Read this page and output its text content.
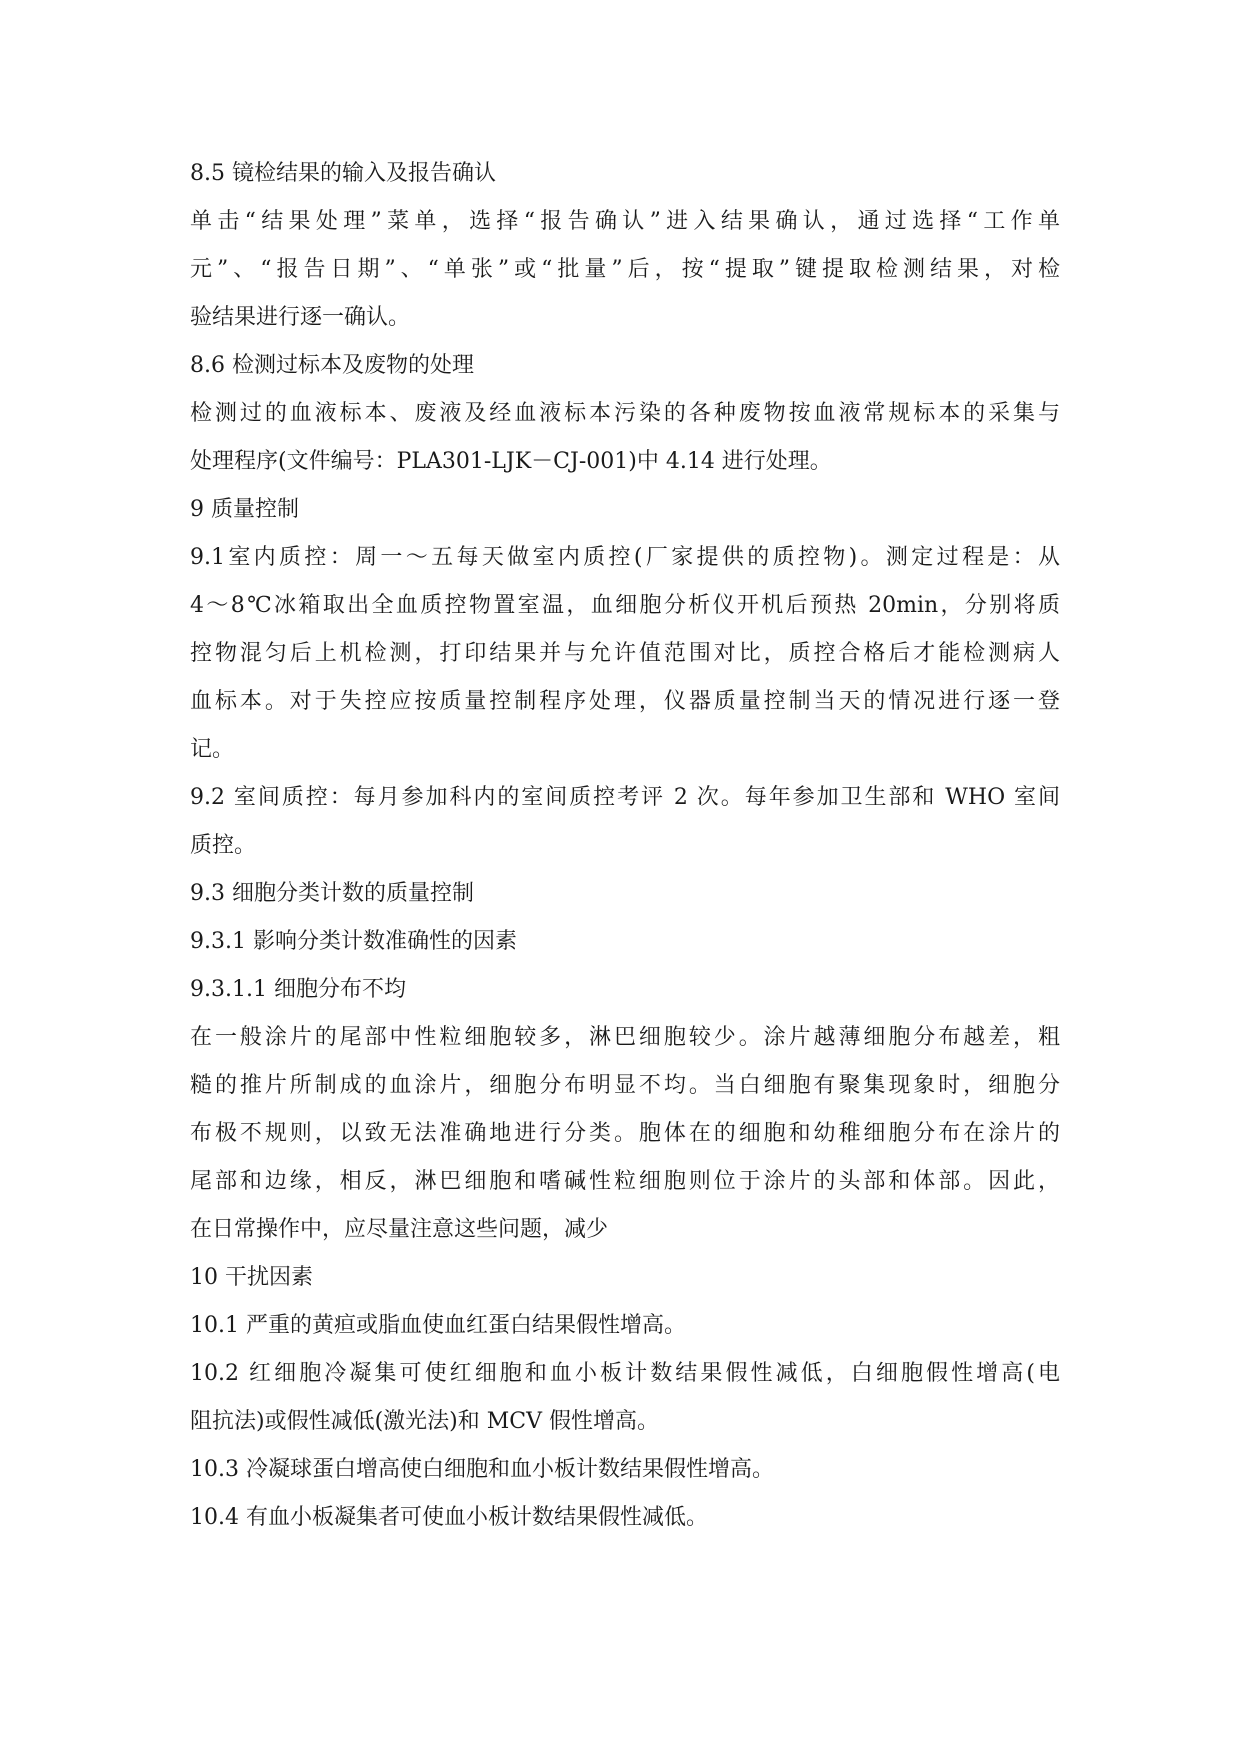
8.5 镜检结果的输入及报告确认
单击“结果处理”菜单，选择“报告确认”进入结果确认，通过选择“工作单
元”、“报告日期”、“单张”或“批量”后，按“提取”键提取检测结果，对检
验结果进行逐一确认。
8.6 检测过标本及废物的处理
检测过的血液标本、废液及经血液标本污染的各种废物按血液常规标本的采集与
处理程序(文件编号：PLA301-LJK－CJ-001)中 4.14 进行处理。
9 质量控制
9.1室内质控：周一～五每天做室内质控(厂家提供的质控物)。测定过程是：从
4～8℃冰箱取出全血质控物置室温，血细胞分析仪开机后预热 20min，分别将质
控物混匀后上机检测，打印结果并与允许值范围对比，质控合格后才能检测病人
血标本。对于失控应按质量控制程序处理，仪器质量控制当天的情况进行逐一登
记。
9.2 室间质控：每月参加科内的室间质控考评 2 次。每年参加卫生部和 WHO 室间
质控。
9.3 细胞分类计数的质量控制
9.3.1 影响分类计数准确性的因素
9.3.1.1 细胞分布不均
在一般涂片的尾部中性粒细胞较多，淋巴细胞较少。涂片越薄细胞分布越差，粗
糙的推片所制成的血涂片，细胞分布明显不均。当白细胞有聚集现象时，细胞分
布极不规则，以致无法准确地进行分类。胞体在的细胞和幼稚细胞分布在涂片的
尾部和边缘，相反，淋巴细胞和嗜碱性粒细胞则位于涂片的头部和体部。因此，
在日常操作中，应尽量注意这些问题，减少
10 干扰因素
10.1 严重的黄疸或脂血使血红蛋白结果假性增高。
10.2 红细胞冷凝集可使红细胞和血小板计数结果假性减低，白细胞假性增高(电
阻抗法)或假性减低(激光法)和 MCV 假性增高。
10.3 冷凝球蛋白增高使白细胞和血小板计数结果假性增高。
10.4 有血小板凝集者可使血小板计数结果假性减低。
